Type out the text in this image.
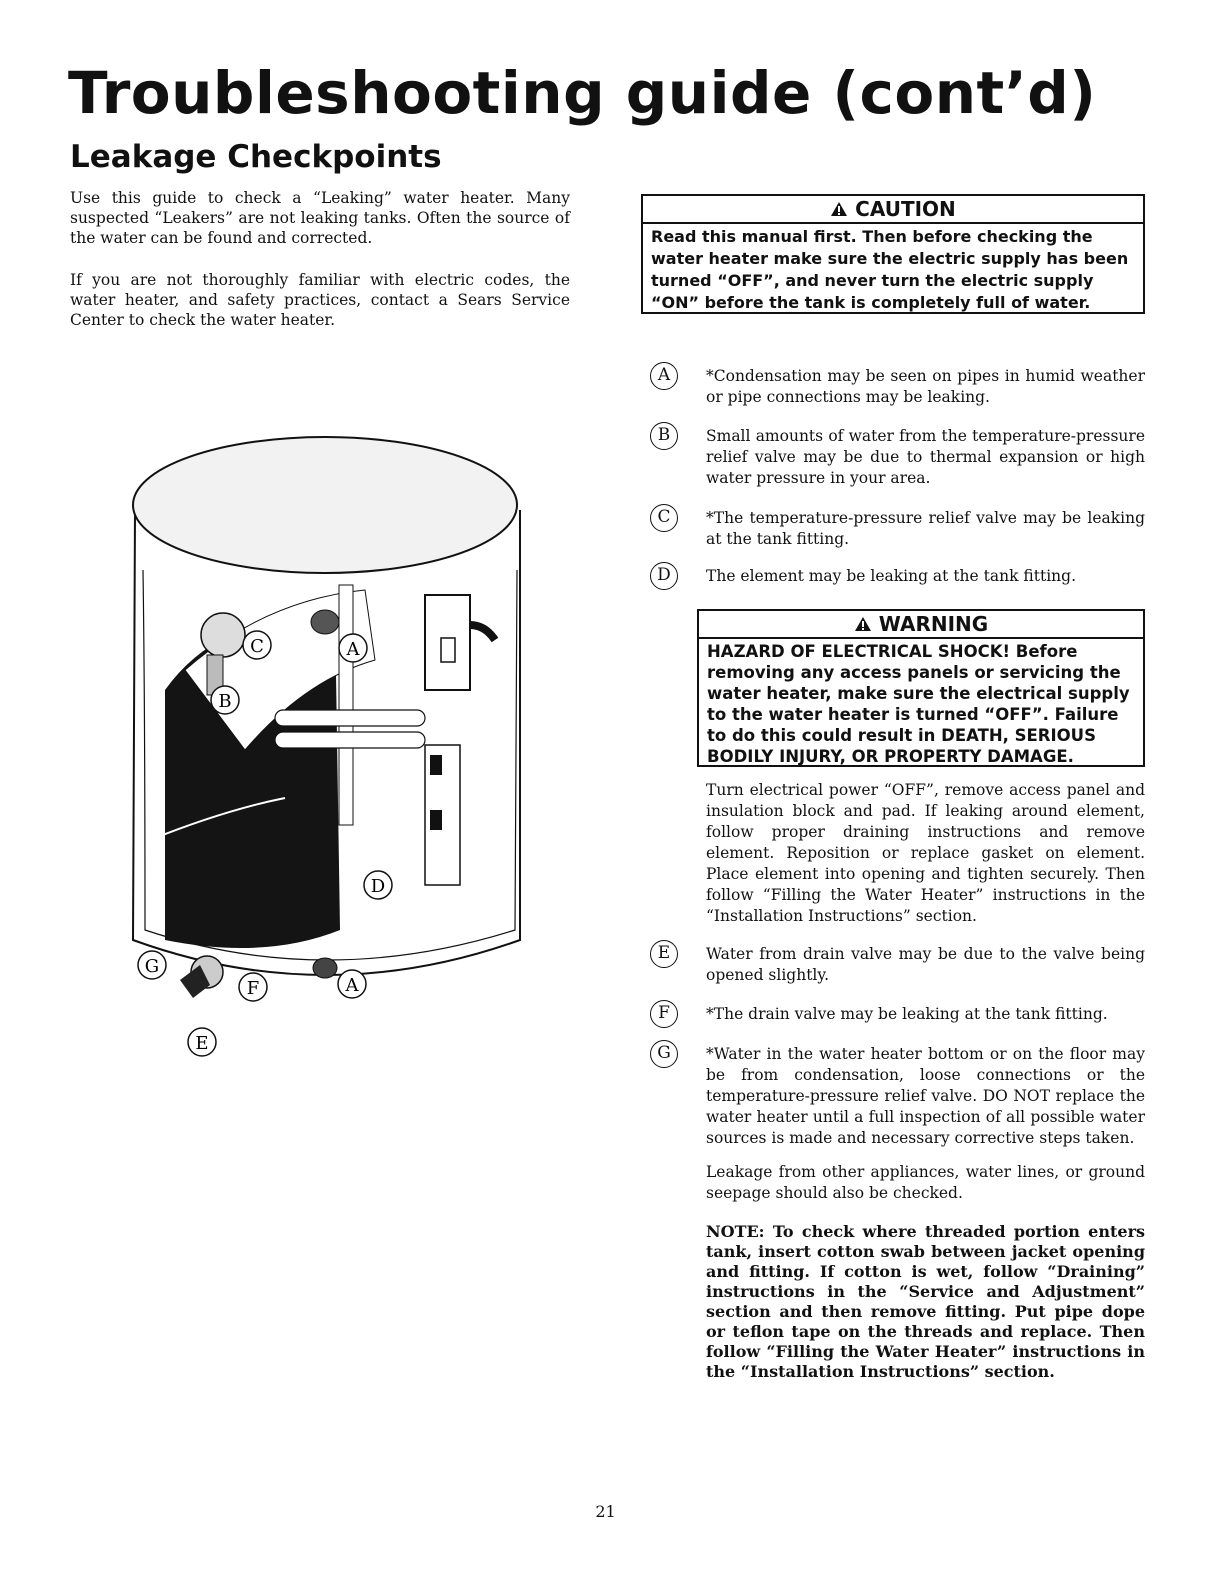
Troubleshooting guide (cont’d)
Leakage Checkpoints

Use this guide to check a “Leaking” water heater. Many suspected “Leakers” are not leaking tanks. Often the source of the water can be found and corrected.

If you are not thoroughly familiar with electric codes, the water heater, and safety practices, contact a Sears Service Center to check the water heater.

CAUTION
Read this manual first. Then before checking the water heater make sure the electric supply has been turned “OFF”, and never turn the electric supply “ON” before the tank is completely full of water.
C	A
B
D
G
F	A
E
A	*Condensation may be seen on pipes in humid weather or pipe connections may be leaking.

B	Small amounts of water from the temperature-pressure relief valve may be due to thermal expansion or high water pressure in your area.

C	*The temperature-pressure relief valve may be leaking at the tank fitting.

D	The element may be leaking at the tank fitting.

WARNING
HAZARD OF ELECTRICAL SHOCK! Before removing any access panels or servicing the water heater, make sure the electrical supply to the water heater is turned “OFF”. Failure to do this could result in DEATH, SERIOUS BODILY INJURY, OR PROPERTY DAMAGE.

Turn electrical power “OFF”, remove access panel and insulation block and pad. If leaking around element, follow proper draining instructions and remove element. Reposition or replace gasket on element. Place element into opening and tighten securely. Then follow “Filling the Water Heater” instructions in the “Installation Instructions” section.

E	Water from drain valve may be due to the valve being opened slightly.

F	*The drain valve may be leaking at the tank fitting.

G	*Water in the water heater bottom or on the floor may be from condensation, loose connections or the temperature-pressure relief valve. DO NOT replace the water heater until a full inspection of all possible water sources is made and necessary corrective steps taken.

Leakage from other appliances, water lines, or ground seepage should also be checked.

NOTE: To check where threaded portion enters tank, insert cotton swab between jacket opening and fitting. If cotton is wet, follow “Draining” instructions in the “Service and Adjustment” section and then remove fitting. Put pipe dope or teflon tape on the threads and replace. Then follow “Filling the Water Heater” instructions in the “Installation Instructions” section.

21
